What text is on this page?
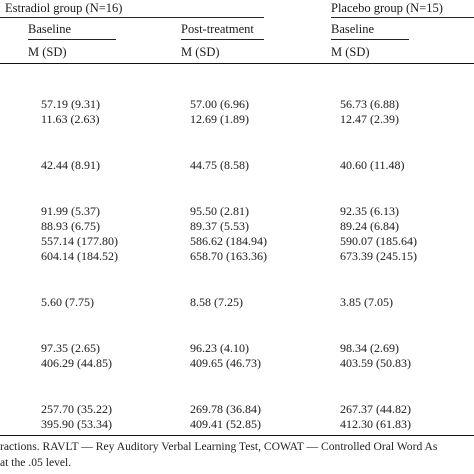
Estradiol group (N=16)	Placebo group (N=15)
Baseline	Post-treatment	Baseline
M (SD)	M (SD)	M (SD)
57.19 (9.31)	57.00 (6.96)	56.73 (6.88)
11.63 (2.63)	12.69 (1.89)	12.47 (2.39)
42.44 (8.91)	44.75 (8.58)	40.60 (11.48)
91.99 (5.37)	95.50 (2.81)	92.35 (6.13)
88.93 (6.75)	89.37 (5.53)	89.24 (6.84)
557.14 (177.80)	586.62 (184.94)	590.07 (185.64)
604.14 (184.52)	658.70 (163.36)	673.39 (245.15)
5.60 (7.75)	8.58 (7.25)	3.85 (7.05)
97.35 (2.65)	96.23 (4.10)	98.34 (2.69)
406.29 (44.85)	409.65 (46.73)	403.59 (50.83)
257.70 (35.22)	269.78 (36.84)	267.37 (44.82)
395.90 (53.34)	409.41 (52.85)	412.30 (61.83)
ractions. RAVLT — Rey Auditory Verbal Learning Test, COWAT — Controlled Oral Word As
at the .05 level.
